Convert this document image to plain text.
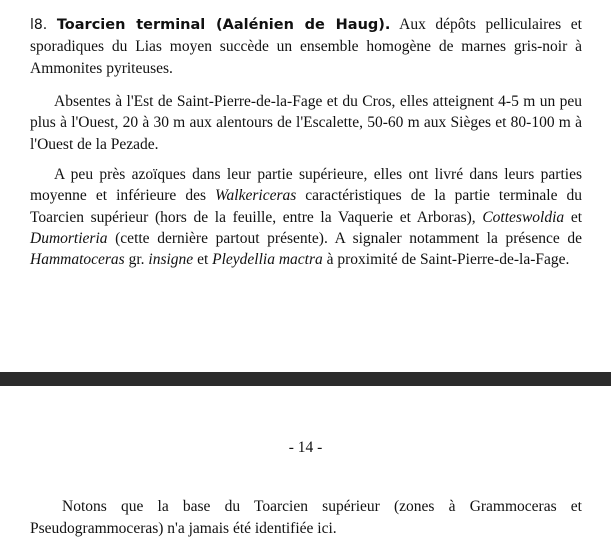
l8. Toarcien terminal (Aalénien de Haug). Aux dépôts pelliculaires et sporadiques du Lias moyen succède un ensemble homogène de marnes gris-noir à Ammonites pyriteuses.

Absentes à l'Est de Saint-Pierre-de-la-Fage et du Cros, elles atteignent 4-5 m un peu plus à l'Ouest, 20 à 30 m aux alentours de l'Escalette, 50-60 m aux Sièges et 80-100 m à l'Ouest de la Pezade.

A peu près azoïques dans leur partie supérieure, elles ont livré dans leurs parties moyenne et inférieure des Walkericeras caractéristiques de la partie terminale du Toarcien supérieur (hors de la feuille, entre la Vaquerie et Arboras), Cotteswoldia et Dumortieria (cette dernière partout présente). A signaler notamment la présence de Hammatoceras gr. insigne et Pleydellia mactra à proximité de Saint-Pierre-de-la-Fage.

- 14 -

Notons que la base du Toarcien supérieur (zones à Grammoceras et Pseudogrammoceras) n'a jamais été identifiée ici.
